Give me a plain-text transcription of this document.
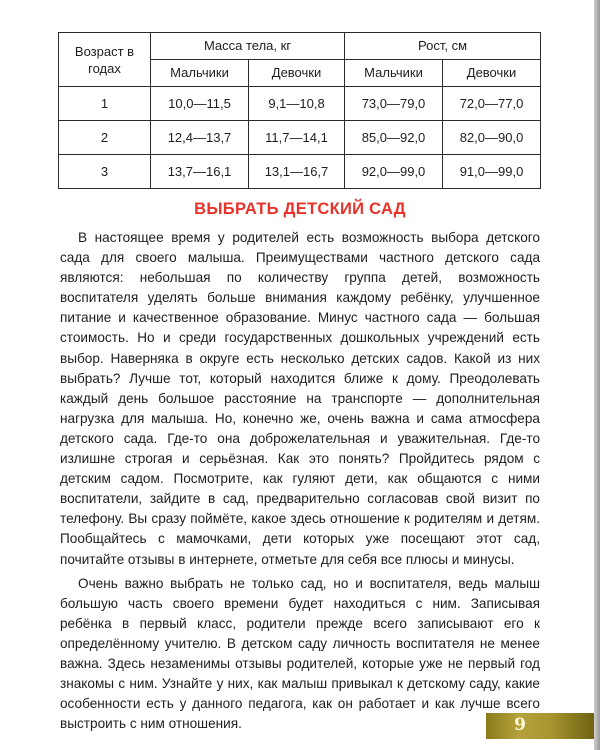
Возраст в годах	Масса тела, кг		Рост, см	
	Мальчики	Девочки	Мальчики	Девочки
1	10,0—11,5	9,1—10,8	73,0—79,0	72,0—77,0
2	12,4—13,7	11,7—14,1	85,0—92,0	82,0—90,0
3	13,7—16,1	13,1—16,7	92,0—99,0	91,0—99,0
ВЫБРАТЬ ДЕТСКИЙ САД

В настоящее время у родителей есть возможность выбора детского сада для своего малыша. Преимуществами частного детского сада являются: небольшая по количеству группа детей, возможность воспитателя уделять больше внимания каждому ребёнку, улучшенное питание и качественное образование. Минус частного сада — большая стоимость. Но и среди государственных дошкольных учреждений есть выбор. Наверняка в округе есть несколько детских садов. Какой из них выбрать? Лучше тот, который находится ближе к дому. Преодолевать каждый день большое расстояние на транспорте — дополнительная нагрузка для малыша. Но, конечно же, очень важна и сама атмосфера детского сада. Где-то она доброжелательная и уважительная. Где-то излишне строгая и серьёзная. Как это понять? Пройдитесь рядом с детским садом. Посмотрите, как гуляют дети, как общаются с ними воспитатели, зайдите в сад, предварительно согласовав свой визит по телефону. Вы сразу поймёте, какое здесь отношение к родителям и детям. Пообщайтесь с мамочками, дети которых уже посещают этот сад, почитайте отзывы в интернете, отметьте для себя все плюсы и минусы.

Очень важно выбрать не только сад, но и воспитателя, ведь малыш большую часть своего времени будет находиться с ним. Записывая ребёнка в первый класс, родители прежде всего записывают его к определённому учителю. В детском саду личность воспитателя не менее важна. Здесь незаменимы отзывы родителей, которые уже не первый год знакомы с ним. Узнайте у них, как малыш привыкал к детскому саду, какие особенности есть у данного педагога, как он работает и как лучше всего выстроить с ним отношения.	9
